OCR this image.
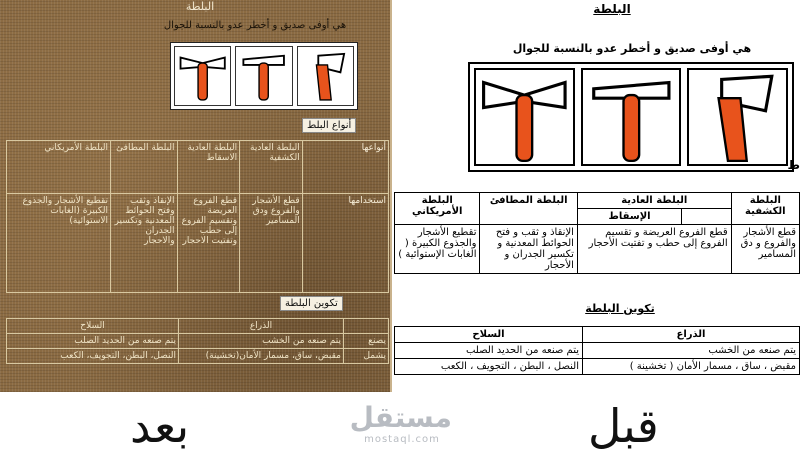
البلطة
هي أوفى صديق و أخطر عدو بالنسبة للجوال
أنواع البلط
أنواعها	البلطة العادية الكشفية	البلطة العادية الاسقاط	البلطة المطافئ	البلطة الأمريكاني
استخدامها	قطع الأشجار والفروع ودق المسامير	قطع الفروع العريضة وتقسيم الفروع إلى حطب وتفتيت الاحجار	الإنقاذ وثقب وفتح الحوائط المعدنية وتكسير الجدران والاحجار	تقطيع الأشجار والجذوع الكبيرة (الغابات الاستوائية)
تكوين البلطة
	الذراع	السلاح
يصنع	يتم صنعه من الخشب	يتم صنعه من الحديد الصلب
يشمل	مقبض، ساق، مسمار الأمان(تخشينة)	النصل، البطن، التجويف، الكعب
البلطة
هي أوفى صديق و أخطر عدو بالنسبة للجوال
ط
البلطة الكشفية	البلطة العادية		البلطة المطافئ	البلطة الأمريكاني
		الإسقاط		
قطع الأشجار والفروع و دق المسامير	قطع الفروع العريضة و تقسيم الفروع إلى حطب و تفتيت الأحجار		الإنقاذ و ثقب و فتح الحوائط المعدنية و تكسير الجدران و الأحجار	تقطيع الأشجار والجذوع الكبيرة ( الغابات الإستوائية )
تكوين البلطة
الذراع	السلاح
يتم صنعه من الخشب	يتم صنعه من الحديد الصلب
مقبض ، ساق ، مسمار الأمان ( تخشينة )	النصل ، البطن ، التجويف ، الكعب
بعد	مستقل
mostaql.com	قبل
